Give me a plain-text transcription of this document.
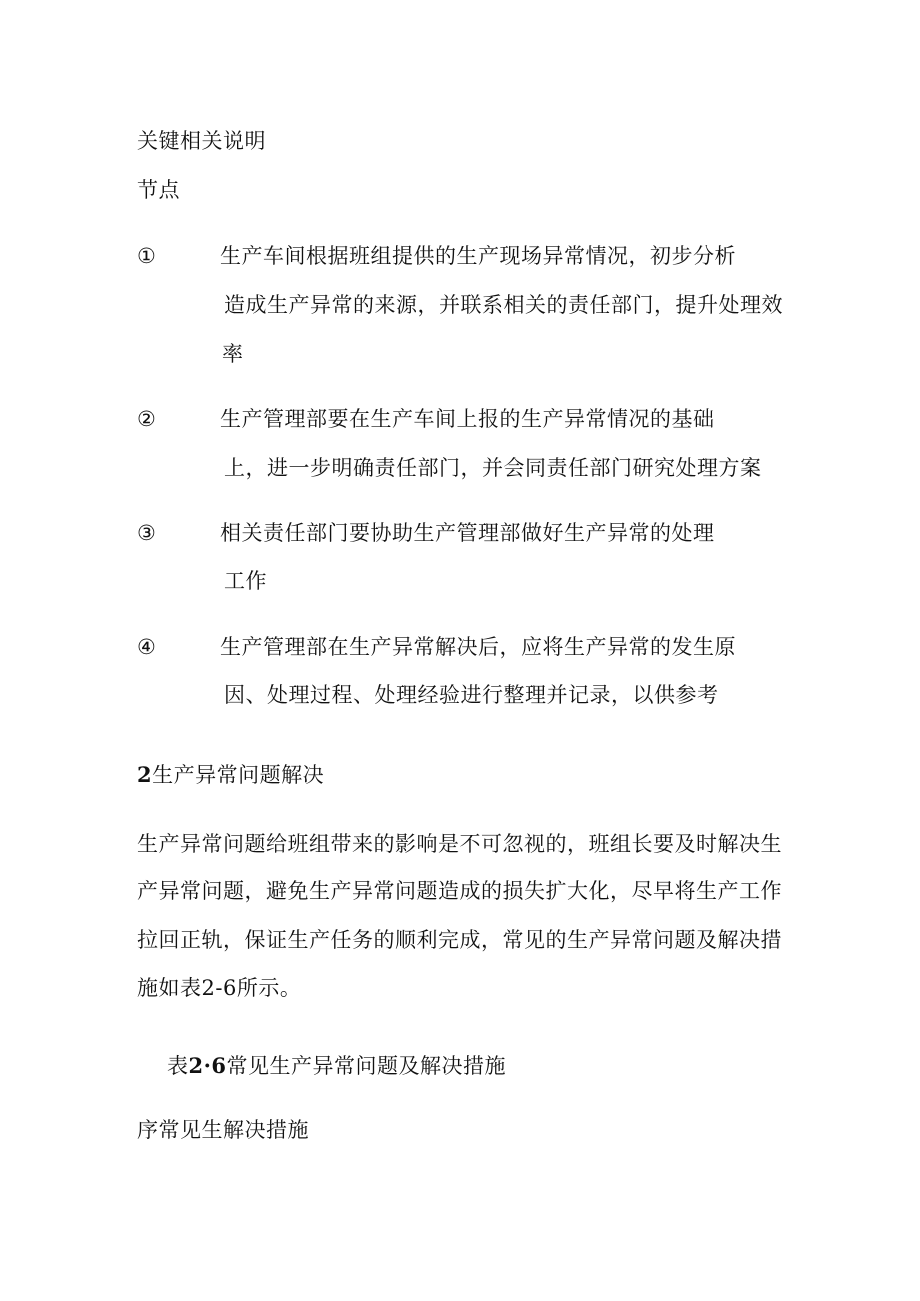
关键相关说明
节点
①	生产车间根据班组提供的生产现场异常情况，初步分析
造成生产异常的来源，并联系相关的责任部门，提升处理效
率
②	生产管理部要在生产车间上报的生产异常情况的基础
上，进一步明确责任部门，并会同责任部门研究处理方案
③	相关责任部门要协助生产管理部做好生产异常的处理
工作
④	生产管理部在生产异常解决后，应将生产异常的发生原
因、处理过程、处理经验进行整理并记录，以供参考
2生产异常问题解决
生产异常问题给班组带来的影响是不可忽视的，班组长要及时解决生
产异常问题，避免生产异常问题造成的损失扩大化，尽早将生产工作
拉回正轨，保证生产任务的顺利完成，常见的生产异常问题及解决措
施如表2-6所示。
表2·6常见生产异常问题及解决措施
序常见生解决措施
